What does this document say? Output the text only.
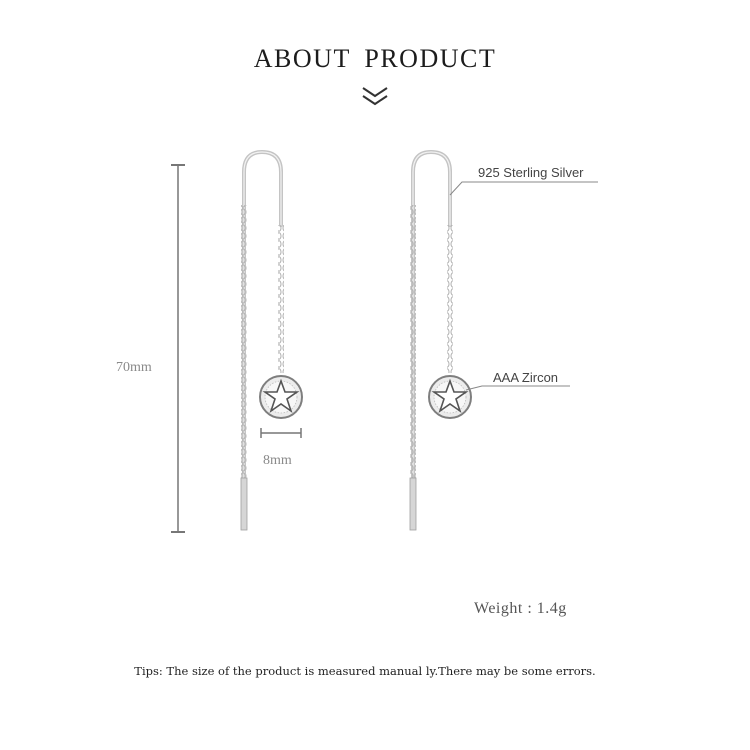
ABOUT PRODUCT
70mm
8mm
925 Sterling Silver
AAA Zircon
Weight : 1.4g
Tips: The size of the product is measured manual ly.There may be some errors.
